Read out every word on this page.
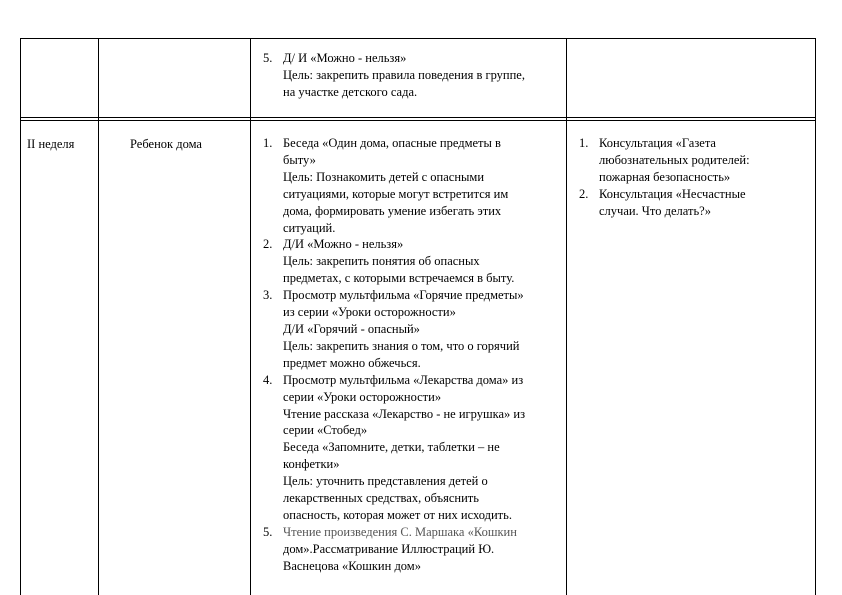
5. Д/ И «Можно - нельзя»
Цель: закрепить правила поведения в группе,
на участке детского сада.
II неделя	Ребенок дома	1. Беседа «Один дома, опасные предметы в
быту»
Цель: Познакомить детей с опасными
ситуациями, которые могут встретится им
дома, формировать умение избегать этих
ситуаций.
2. Д/И «Можно - нельзя»
Цель: закрепить понятия об опасных
предметах, с которыми встречаемся в быту.
3. Просмотр мультфильма «Горячие предметы»
из серии «Уроки осторожности»
Д/И «Горячий - опасный»
Цель: закрепить знания о том, что о горячий
предмет можно обжечься.
4. Просмотр мультфильма «Лекарства дома» из
серии «Уроки осторожности»
Чтение рассказа «Лекарство - не игрушка» из
серии «Стобед»
Беседа «Запомните, детки, таблетки – не
конфетки»
Цель: уточнить представления детей о
лекарственных средствах, объяснить
опасность, которая может от них исходить.
5. Чтение произведения С. Маршака «Кошкин
дом».Рассматривание Иллюстраций Ю.
Васнецова «Кошкин дом»
1. Консультация «Газета
любознательных родителей:
пожарная безопасность»
2. Консультация «Несчастные
случаи. Что делать?»
